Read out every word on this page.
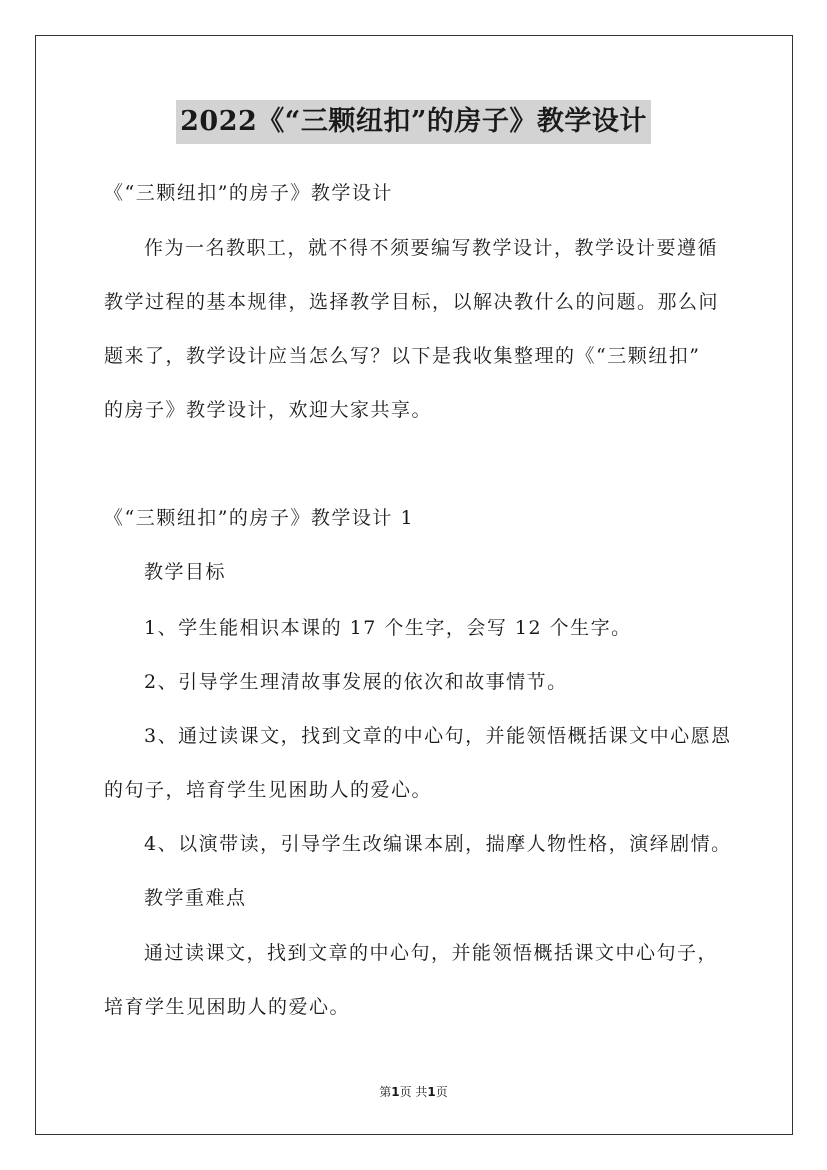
2022《“三颗纽扣”的房子》教学设计
《“三颗纽扣”的房子》教学设计
作为一名教职工，就不得不须要编写教学设计，教学设计要遵循
教学过程的基本规律，选择教学目标，以解决教什么的问题。那么问
题来了，教学设计应当怎么写？以下是我收集整理的《“三颗纽扣”
的房子》教学设计，欢迎大家共享。
《“三颗纽扣”的房子》教学设计 1
教学目标
1、学生能相识本课的 17 个生字，会写 12 个生字。
2、引导学生理清故事发展的依次和故事情节。
3、通过读课文，找到文章的中心句，并能领悟概括课文中心愿恩
的句子，培育学生见困助人的爱心。
4、以演带读，引导学生改编课本剧，揣摩人物性格，演绎剧情。
教学重难点
通过读课文，找到文章的中心句，并能领悟概括课文中心句子，
培育学生见困助人的爱心。
第1页 共1页
